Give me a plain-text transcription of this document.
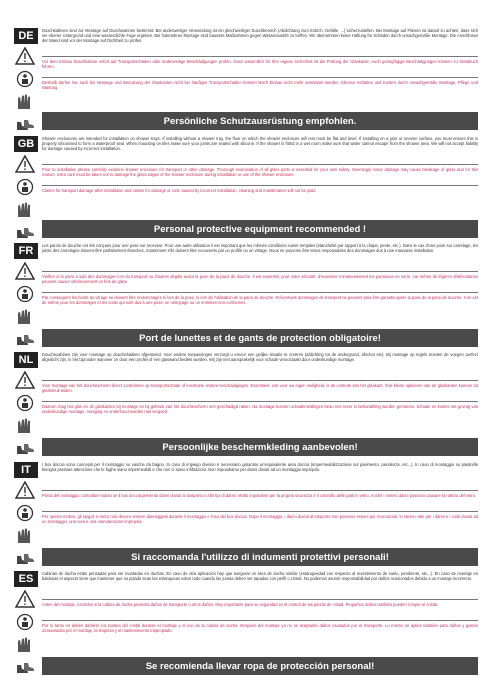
DE	Duschkabinen sind zur Montage auf Duschwannen bestimmt. Bei anderweitiger Verwendung ist ein gleichwertiger Duschbereich (Abdichtung zum Estrich, Gefälle, ...) sicherzustellen. Bei Montage auf Fliesen ist darauf zu achten, dass sich ein ebener Untergrund und eine wasserdichte Fuge ergeben. Bei fodenebner Montage sind bauseits Maßnahmen gegen Wasseraustritt zu treffen. Wir übernehmen keine Haftung für Schäden durch unsachgemäße Montage. Die Anschlüsse der Wand sind vor der Montage auf Dichtheit zu prüfen.
Vor dem Einbau Duschkabine sofort auf Transportschäden oder anderweitige Beschädigungen prüfen. Ganz wesentlich für Ihre eigene Sicherheit ist die Prüfung der Glaskante. Auch geringfügige Beschädigungen können zu Glasbruch führen.
Deshalb dürfen Sie auch bei Montage und Benutzung der Glaskanten nicht bei häufigen Transportschäden können Nach Einbau nicht mehr anerkannt werden. Ebenso Schäden und Kosten durch unsachgemäße Montage, Pflege und Wartung.
Persönliche Schutzausrüstung empfohlen.
GB	Shower enclosures are intended for installation on shower trays. If installing without a shower tray, the floor on which the shower enclosure will rest must be flat and level. If installing on a joint or uneven surface, you must ensure this is properly siliconised to form a waterproof seal. When mounting on tiles make sure your joints are sealed with silicone. If the shower is fitted in a wet room make sure that water cannot escape from the shower area. We will not accept liability for damage caused by incorrect installation.
Prior to installation please carefully examine shower enclosure for transport or other damage. Thorough examination of all glass parts is essential for your own safety. Seemingly minor damage may cause breakage of glass and for this reason, extra care must be taken not to damage the glass edges of the shower enclosure during installation or use of the shower enclosure.
Claims for transport damage after installation and claims for damage or cost caused by incorrect installation, cleaning and maintenance will not be paid.
Personal protective equipment recommended !
FR	Les parois de douche ont été conçues pour une pose sur receveur. Pour une autre utilisation il est important que les mêmes conditions soient remplies (étanchéité par rapport à la chape, pente, etc.). Dans le cas d'une pose sur carrelage, les joints des carrelages doivent être parfaitement étanches, notamment s'ils doivent être recouverts par un profilé ou un vitrage. Nous ne pouvons être tenus responsables des dommages dus à une mauvaise installation.
Vérifier si la paroi a subi des dommages lors du transport ou d'autres dégâts avant la pose de la paroi de douche. Il est essentiel, pour votre sécurité, d'examiner minutieusement les panneaux en verre, car même de légères détériorations peuvent causer ultérieurement un bris de glace.
Par conséquent les bords du vitrage ne doivent être endommagés ni lors de la pose, ni lors de l'utilisation de la paroi de douche. D'éventuels dommages de transport ne peuvent plus être garantis après la pose de la paroi de douche. Il en est de même pour les dommages et les coûts qui sont dus à une pose, un nettoyage ou un entretien non-conformes.
Port de lunettes et de gants de protection obligatoire!
NL	Douchecabines zijn voor montage op douchebakken afgestemd. Voor andere toepassingen verzorgt u ervoor een gelijke situatie te creëren (afdichting tot de ondergrond, afschot etc). Bij montage op tegels moeten de voegen perfect afgedicht zijn, in het bijzonder wanneer ze door een profiel of een glaswand bedekt worden. Wij zijn niet aansprakelijk voor schade veroorzaakt door ondeskundige montage.
Voor montage van het douchescherm direct controleren op transportschade of eventuele andere beschadigingen. Essentieel, ook voor uw eigen veiligheid, is de controle van het glaskant. Ook kleine opleieren van de glaskanten kunnen tot glasbreuk leiden.
Daarom mag het glas en de glaskanten bij montage en bij gebruik van het douchescherm niet geschadigd raken. Na montage kunnen schademeldingen beau niet meer in behandeling worden genomen. Schade en kosten als gevolg van ondeskundige montage, reiniging en onderhoud worden niet vergoed.
Persoonlijke beschermkleding aanbevolen!
IT	I box doccia sono concepiti per il montaggio su vasche da bagno. In caso di impiego diverso è necessario garantire un'equivalente area doccia (impermeabilizzazione sul pavimento, pendenza, etc...). In caso di montaggio su piastrelle bisogna prestare attenzione che le fughe siano impermeabili e che non ci siano infiltrazioni. Non rispondiamo per danni dovuti ad un montaggio improprio.
Prima del montaggio controllare subito se il box doccia presenta danni dovuti al trasporto o altri tipi di danni. Molto importante per la propria sicurezza è il controllo delle parti in vetro. Anche i minimi danni possono causare la rottura del vetro.
Per questo motivo, gli spigoli in vetro non devono essere danneggiati durante il montaggio e l'uso del box doccia. Dopo il montaggio, i danni dovuti al trasporto non possono essere più riconosciuti; lo stesso vale per i danni e i costi dovuti ad un montaggio, una cura e una manutenzione impropria.
Si raccomanda l'utilizzo di indumenti protettivi personali!
ES	Cabinas de ducha están pensadas para ser montadas en duchas. En caso de otra aplicación hay que asegurar un área de ducha similar (estanqueidad con respecto al revestimiento de suelo, pendiente, etc...). En caso de montaje en baldosas el aspecto tiene que mantener que su pisada sean las estanqueas sobre todo cuando las juntas deben ser tapadas con perfil o cristal. No podemos asumir responsabilidad por daños ocasionados debido a un montaje incorrecto.
Antes del montaje, controlar si la cabina de ducha presenta daños de transporte u otros daños. Muy importante para su seguridad es el control de las piezas de cristal. Pequeños daños también pueden romper el cristal.
Por lo tanto no deben dañarse los bordes del cristal durante el montaje y el uso de la cabina de ducha. Después del montaje ya no se aceptarán daños causados por el transporte. Lo mismo se aplica también para daños y gastos ocasionados por el montaje, la limpieza y el mantenimiento inapropiado.
Se recomienda llevar ropa de protección personal!
